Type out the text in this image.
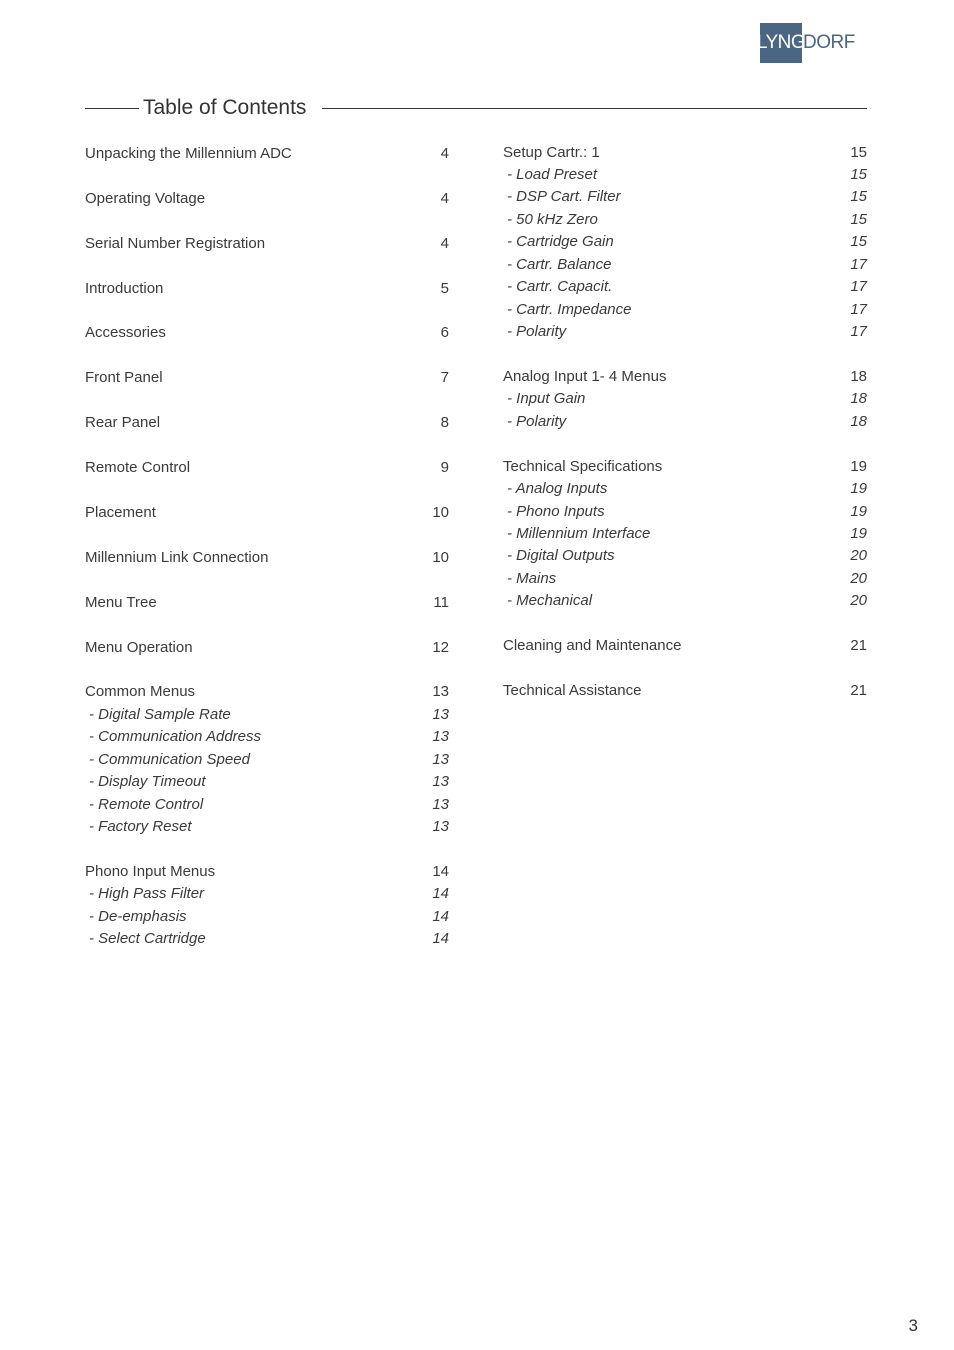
LYNG
DORF
Table of Contents
Unpacking the Millennium ADC	4
Operating Voltage	4
Serial Number Registration	4
Introduction	5
Accessories	6
Front Panel	7
Rear Panel	8
Remote Control	9
Placement	10
Millennium Link Connection	10
Menu Tree	11
Menu Operation	12
Common Menus	13
- Digital Sample Rate	13
- Communication Address	13
- Communication Speed	13
- Display Timeout	13
- Remote Control	13
- Factory Reset	13
Phono Input Menus	14
- High Pass Filter	14
- De-emphasis	14
- Select Cartridge	14
Setup Cartr.: 1	15
- Load Preset	15
- DSP Cart. Filter	15
- 50 kHz Zero	15
- Cartridge Gain	15
- Cartr. Balance	17
- Cartr. Capacit.	17
- Cartr. Impedance	17
- Polarity	17
Analog Input 1- 4 Menus	18
- Input Gain	18
- Polarity	18
Technical Specifications	19
- Analog Inputs	19
- Phono Inputs	19
- Millennium Interface	19
- Digital Outputs	20
- Mains	20
- Mechanical	20
Cleaning and Maintenance	21
Technical Assistance	21
3
